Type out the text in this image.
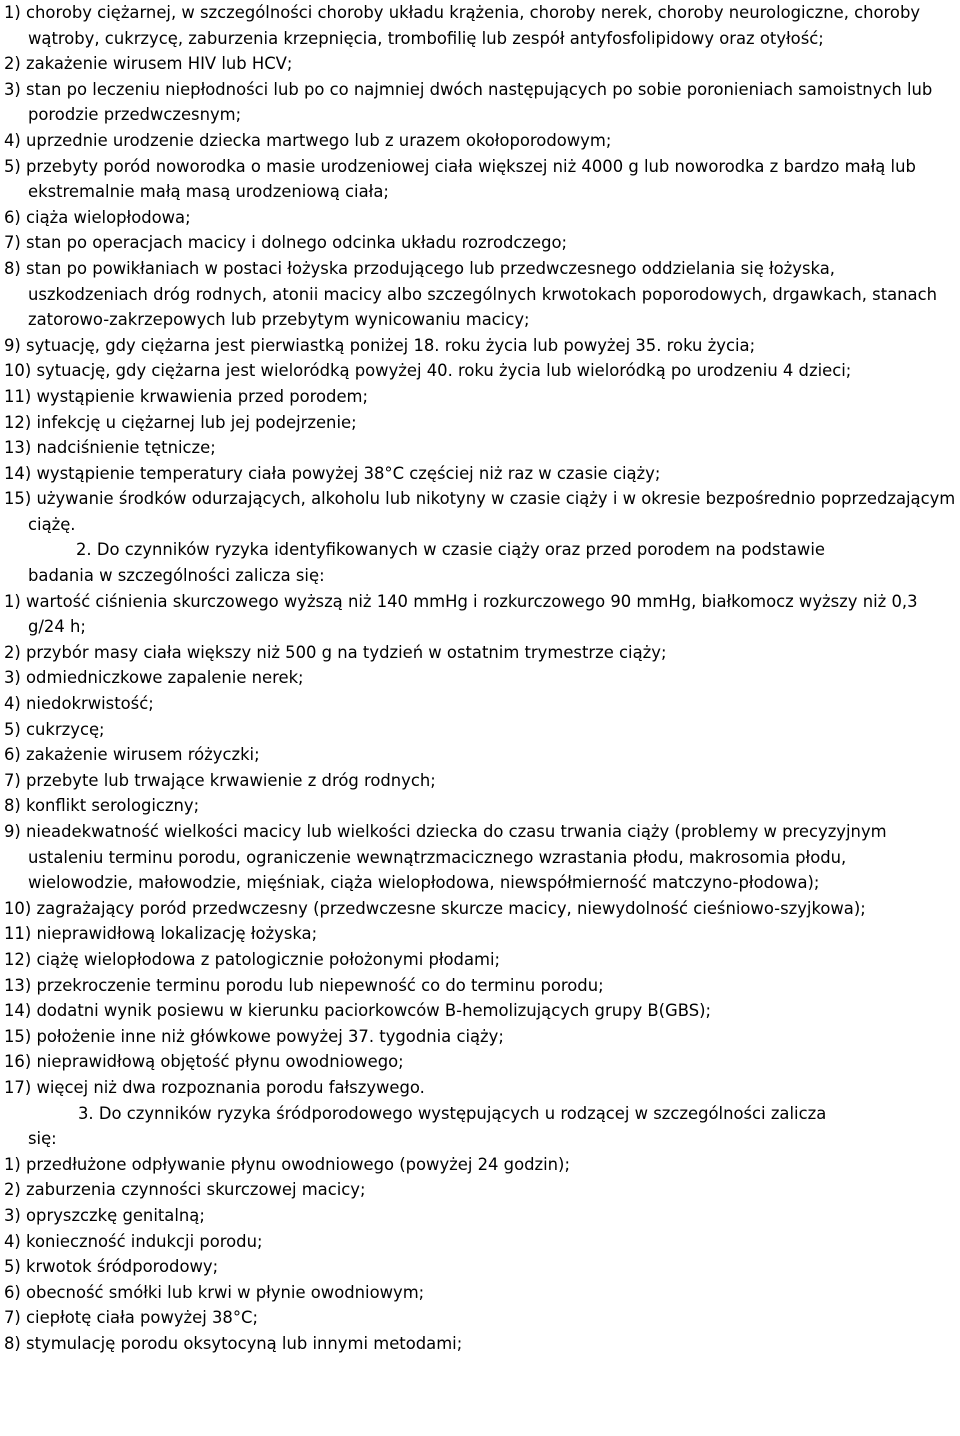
1) choroby ciężarnej, w szczególności choroby układu krążenia, choroby nerek, choroby neurologiczne, choroby wątroby, cukrzycę, zaburzenia krzepnięcia, trombofilię lub zespół antyfosfolipidowy oraz otyłość;

2) zakażenie wirusem HIV lub HCV;

3) stan po leczeniu niepłodności lub po co najmniej dwóch następujących po sobie poronieniach samoistnych lub porodzie przedwczesnym;

4) uprzednie urodzenie dziecka martwego lub z urazem okołoporodowym;

5) przebyty poród noworodka o masie urodzeniowej ciała większej niż 4000 g lub noworodka z bardzo małą lub ekstremalnie małą masą urodzeniową ciała;

6) ciąża wielopłodowa;

7) stan po operacjach macicy i dolnego odcinka układu rozrodczego;

8) stan po powikłaniach w postaci łożyska przodującego lub przedwczesnego oddzielania się łożyska, uszkodzeniach dróg rodnych, atonii macicy albo szczególnych krwotokach poporodowych, drgawkach, stanach zatorowo-zakrzepowych lub przebytym wynicowaniu macicy;

9) sytuację, gdy ciężarna jest pierwiastką poniżej 18. roku życia lub powyżej 35. roku życia;

10) sytuację, gdy ciężarna jest wieloródką powyżej 40. roku życia lub wieloródką po urodzeniu 4 dzieci;

11) wystąpienie krwawienia przed porodem;

12) infekcję u ciężarnej lub jej podejrzenie;

13) nadciśnienie tętnicze;

14) wystąpienie temperatury ciała powyżej 38°C częściej niż raz w czasie ciąży;

15) używanie środków odurzających, alkoholu lub nikotyny w czasie ciąży i w okresie bezpośrednio poprzedzającym ciążę.

2. Do czynników ryzyka identyfikowanych w czasie ciąży oraz przed porodem na podstawie
badania w szczególności zalicza się:

1) wartość ciśnienia skurczowego wyższą niż 140 mmHg i rozkurczowego 90 mmHg, białkomocz wyższy niż 0,3 g/24 h;

2) przybór masy ciała większy niż 500 g na tydzień w ostatnim trymestrze ciąży;

3) odmiedniczkowe zapalenie nerek;

4) niedokrwistość;

5) cukrzycę;

6) zakażenie wirusem różyczki;

7) przebyte lub trwające krwawienie z dróg rodnych;

8) konflikt serologiczny;

9) nieadekwatność wielkości macicy lub wielkości dziecka do czasu trwania ciąży (problemy w precyzyjnym ustaleniu terminu porodu, ograniczenie wewnątrzmacicznego wzrastania płodu, makrosomia płodu, wielowodzie, małowodzie, mięśniak, ciąża wielopłodowa, niewspółmierność matczyno-płodowa);

10) zagrażający poród przedwczesny (przedwczesne skurcze macicy, niewydolność cieśniowo-szyjkowa);

11) nieprawidłową lokalizację łożyska;

12) ciążę wielopłodowa z patologicznie położonymi płodami;

13) przekroczenie terminu porodu lub niepewność co do terminu porodu;

14) dodatni wynik posiewu w kierunku paciorkowców B-hemolizujących grupy B(GBS);

15) położenie inne niż główkowe powyżej 37. tygodnia ciąży;

16) nieprawidłową objętość płynu owodniowego;

17) więcej niż dwa rozpoznania porodu fałszywego.

3. Do czynników ryzyka śródporodowego występujących u rodzącej w szczególności zalicza
się:

1) przedłużone odpływanie płynu owodniowego (powyżej 24 godzin);

2) zaburzenia czynności skurczowej macicy;

3) opryszczkę genitalną;

4) konieczność indukcji porodu;

5) krwotok śródporodowy;

6) obecność smółki lub krwi w płynie owodniowym;

7) ciepłotę ciała powyżej 38°C;

8) stymulację porodu oksytocyną lub innymi metodami;
